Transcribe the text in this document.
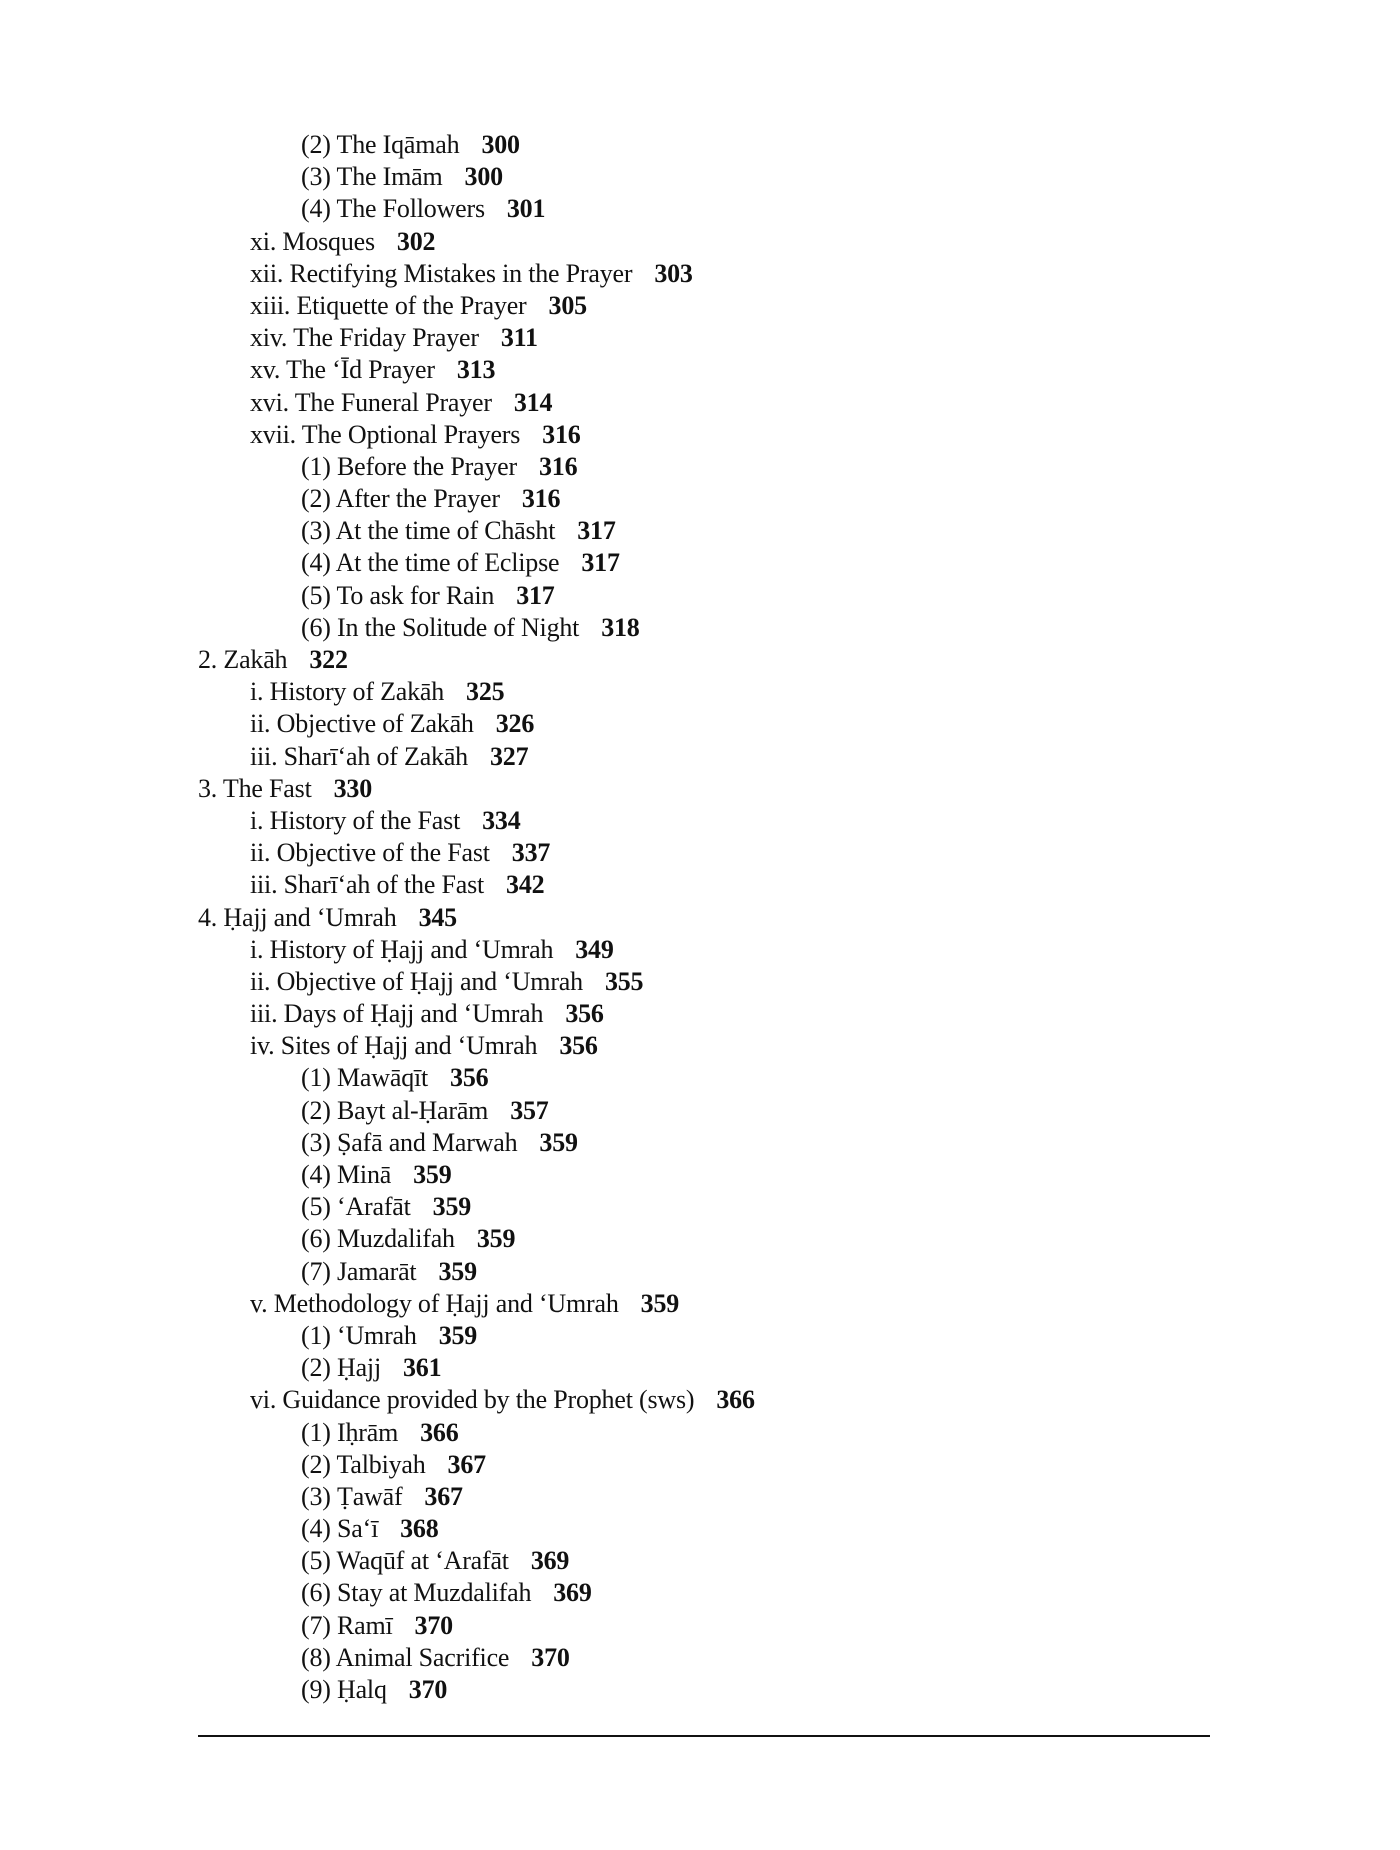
(2) The Iqāmah 300
(3) The Imām 300
(4) The Followers 301
xi. Mosques 302
xii. Rectifying Mistakes in the Prayer 303
xiii. Etiquette of the Prayer 305
xiv. The Friday Prayer 311
xv. The ‘Īd Prayer 313
xvi. The Funeral Prayer 314
xvii. The Optional Prayers 316
(1) Before the Prayer 316
(2) After the Prayer 316
(3) At the time of Chāsht 317
(4) At the time of Eclipse 317
(5) To ask for Rain 317
(6) In the Solitude of Night 318
2. Zakāh 322
i. History of Zakāh 325
ii. Objective of Zakāh 326
iii. Sharī‘ah of Zakāh 327
3. The Fast 330
i. History of the Fast 334
ii. Objective of the Fast 337
iii. Sharī‘ah of the Fast 342
4. Ḥajj and ‘Umrah 345
i. History of Ḥajj and ‘Umrah 349
ii. Objective of Ḥajj and ‘Umrah 355
iii. Days of Ḥajj and ‘Umrah 356
iv. Sites of Ḥajj and ‘Umrah 356
(1) Mawāqīt 356
(2) Bayt al-Ḥarām 357
(3) Ṣafā and Marwah 359
(4) Minā 359
(5) ‘Arafāt 359
(6) Muzdalifah 359
(7) Jamarāt 359
v. Methodology of Ḥajj and ‘Umrah 359
(1) ‘Umrah 359
(2) Ḥajj 361
vi. Guidance provided by the Prophet (sws) 366
(1) Iḥrām 366
(2) Talbiyah 367
(3) Ṭawāf 367
(4) Sa‘ī 368
(5) Waqūf at ‘Arafāt 369
(6) Stay at Muzdalifah 369
(7) Ramī 370
(8) Animal Sacrifice 370
(9) Ḥalq 370
